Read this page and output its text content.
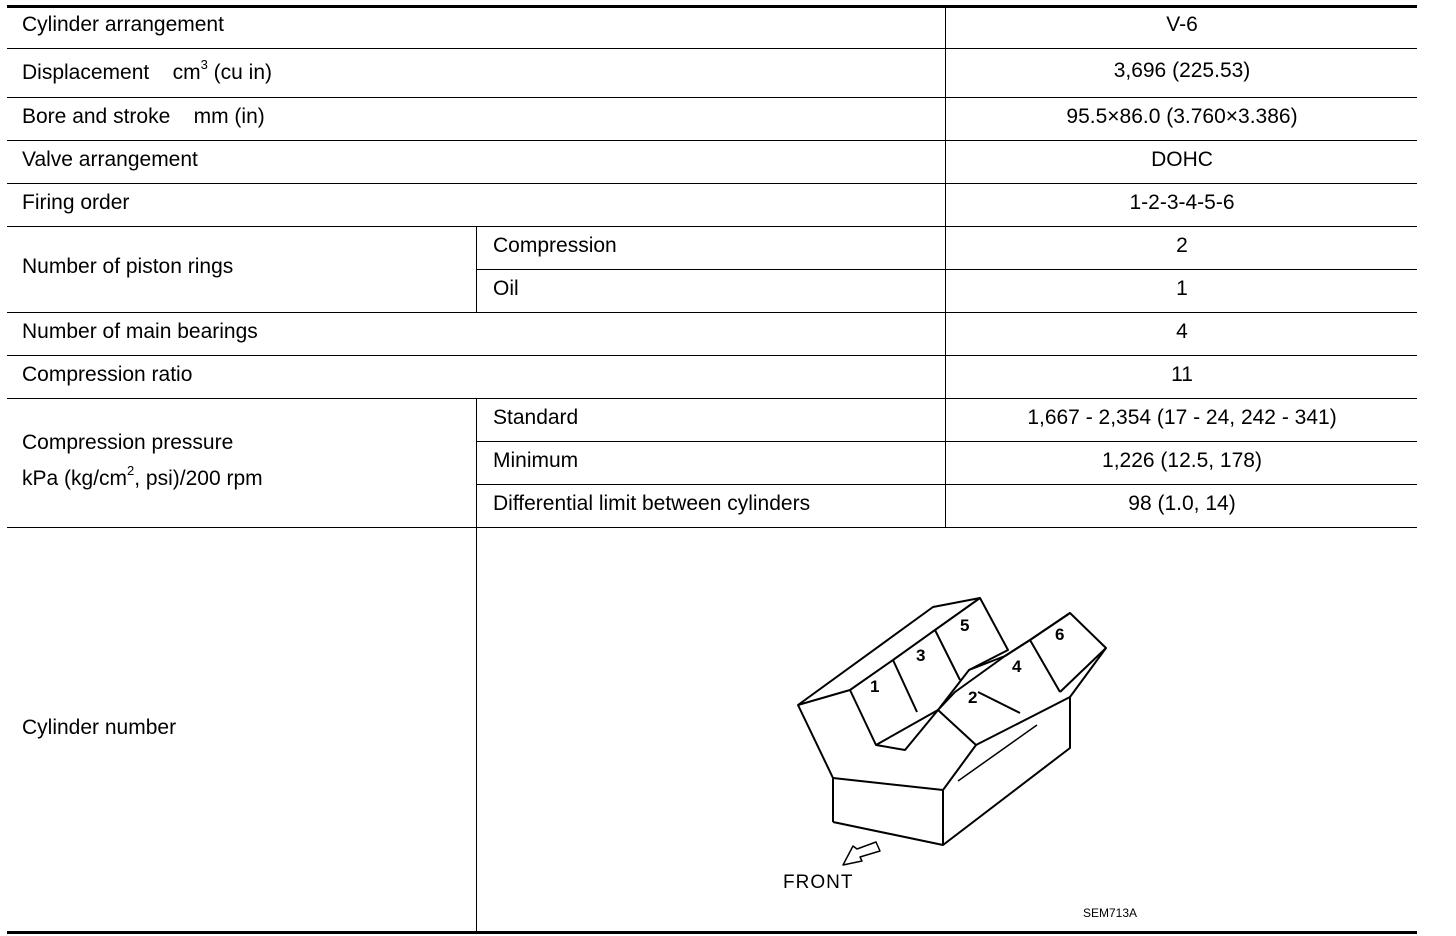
Cylinder arrangement	V-6
Displacement $cm^3$ (cu in)	3,696 (225.53)
Bore and stroke mm (in)	95.5×86.0 (3.760×3.386)
Valve arrangement	DOHC
Firing order	1-2-3-4-5-6
Number of piston rings
Compression	2
Oil	1
Number of main bearings	4
Compression ratio	11
Compression pressure
kPa ($kg/cm^2$, psi)/200 rpm
Standard	1,667 - 2,354 (17 - 24, 242 - 341)
Minimum	1,226 (12.5, 178)
Differential limit between cylinders	98 (1.0, 14)
Cylinder number
1
3
5
2
4
6
FRONT
SEM713A
